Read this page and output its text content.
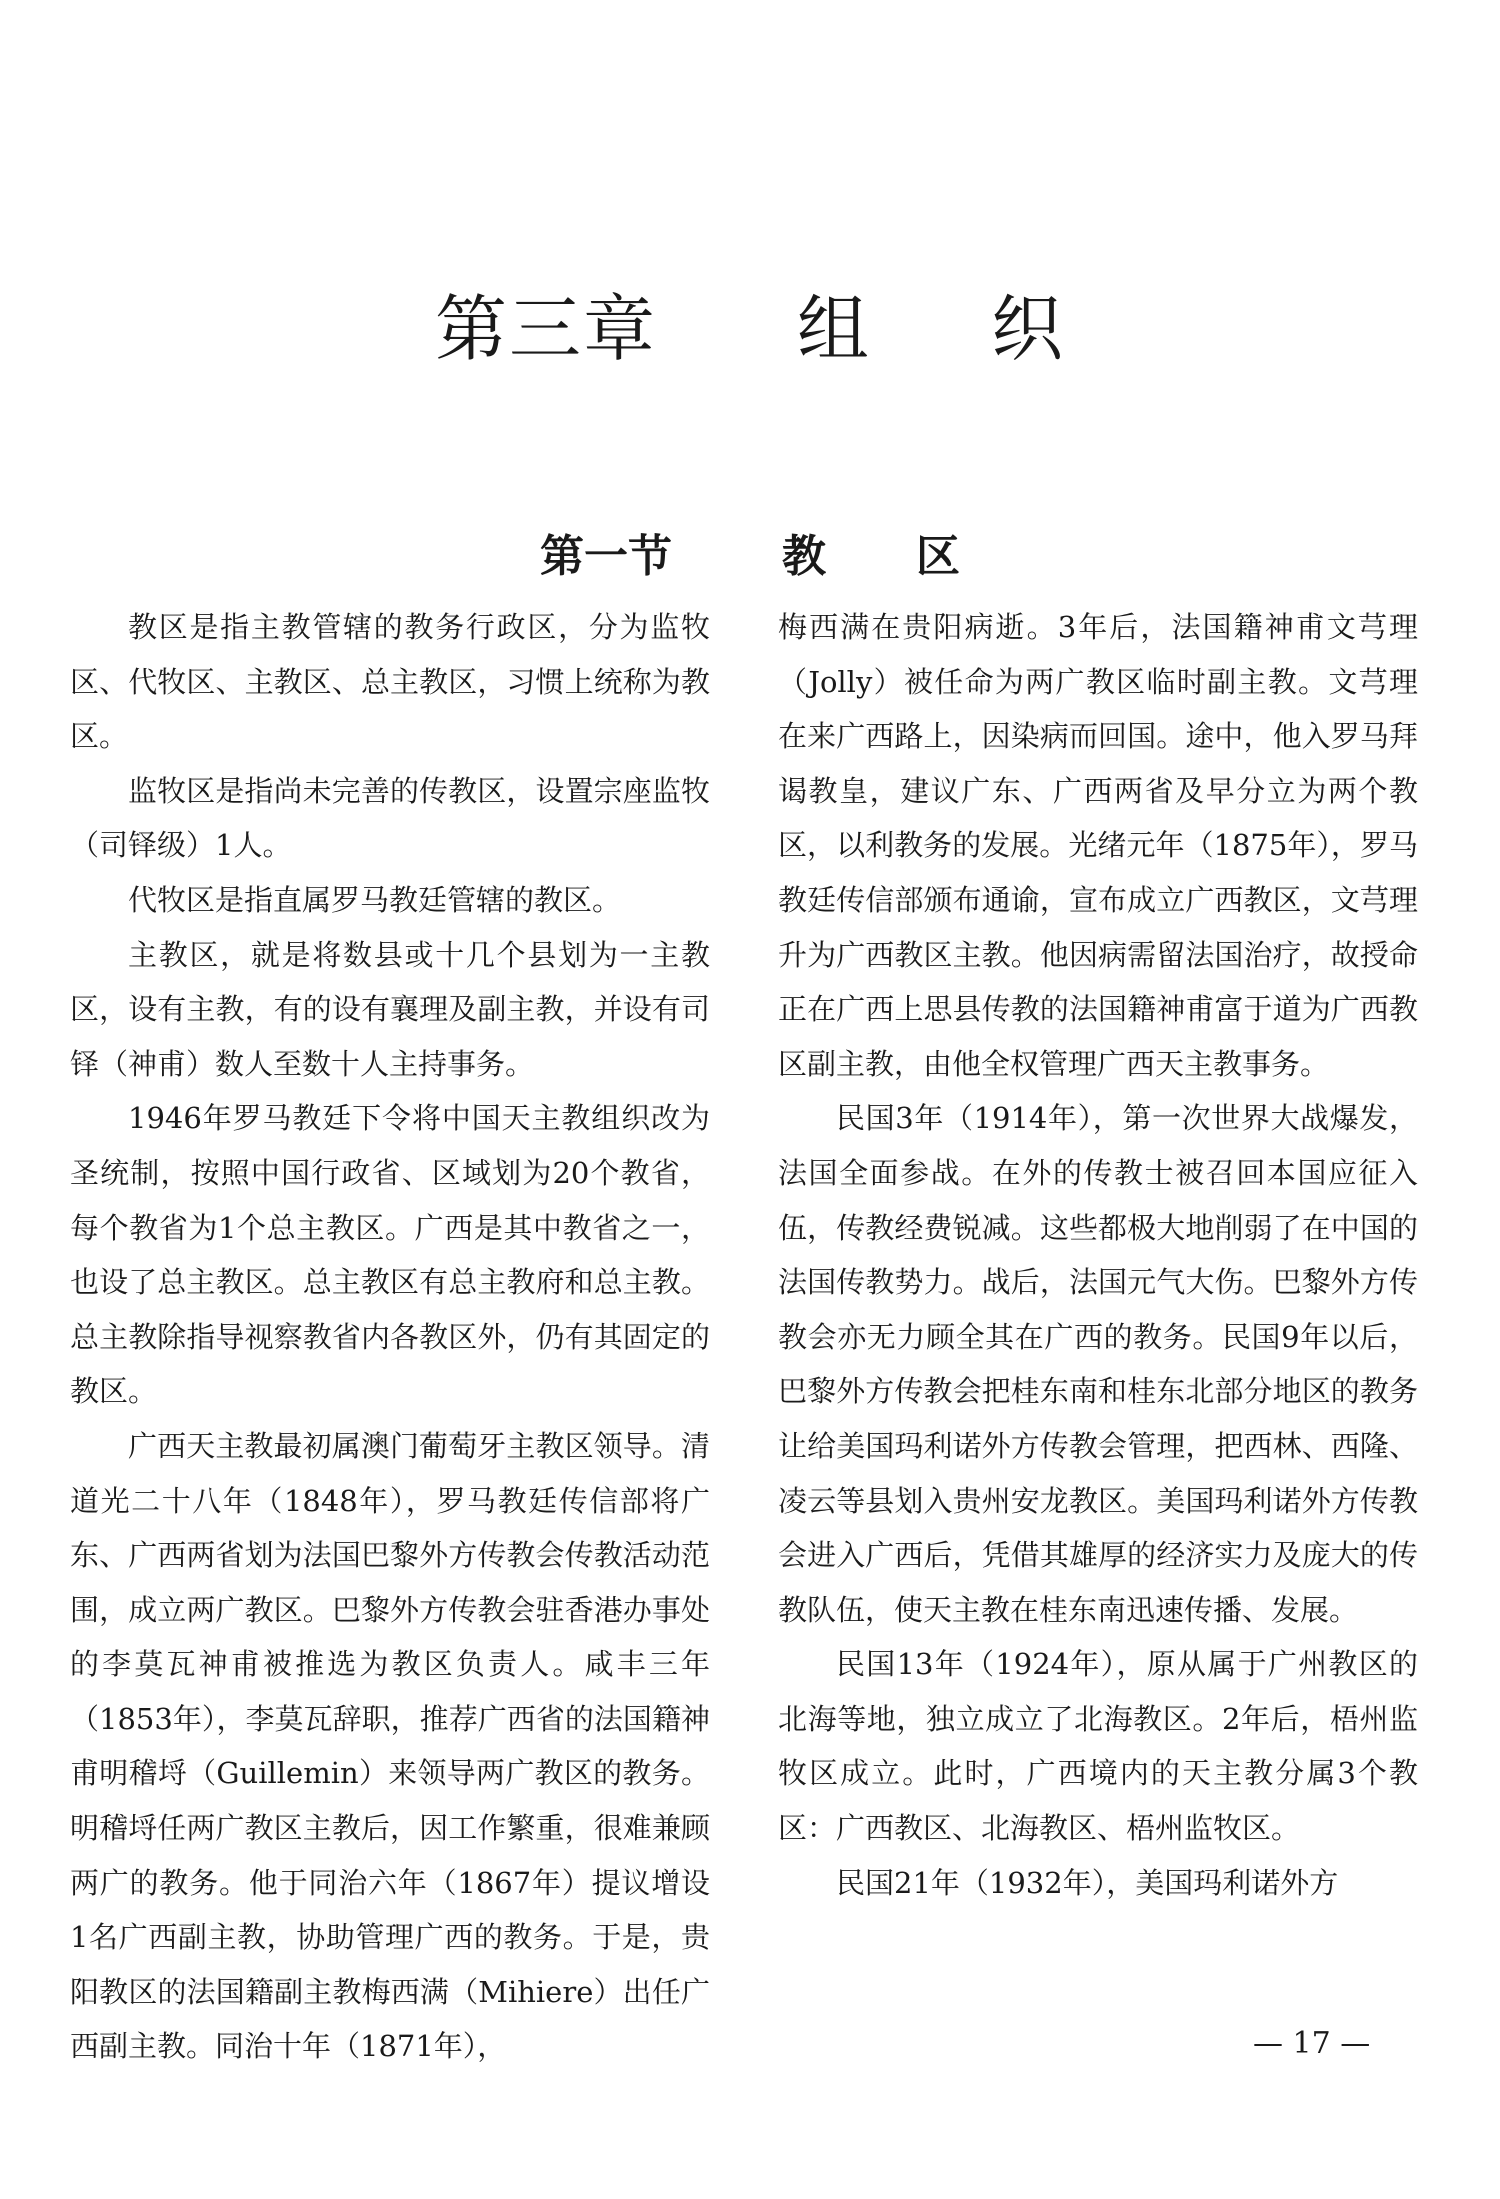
第三章 组 织
第一节	教 区

教区是指主教管辖的教务行政区，分为监牧区、代牧区、主教区、总主教区，习惯上统称为教区。

监牧区是指尚未完善的传教区，设置宗座监牧（司铎级）1人。

代牧区是指直属罗马教廷管辖的教区。

主教区，就是将数县或十几个县划为一主教区，设有主教，有的设有襄理及副主教，并设有司铎（神甫）数人至数十人主持事务。

1946年罗马教廷下令将中国天主教组织改为圣统制，按照中国行政省、区域划为20个教省，每个教省为1个总主教区。广西是其中教省之一，也设了总主教区。总主教区有总主教府和总主教。总主教除指导视察教省内各教区外，仍有其固定的教区。

广西天主教最初属澳门葡萄牙主教区领导。清道光二十八年（1848年），罗马教廷传信部将广东、广西两省划为法国巴黎外方传教会传教活动范围，成立两广教区。巴黎外方传教会驻香港办事处的李莫瓦神甫被推选为教区负责人。咸丰三年（1853年），李莫瓦辞职，推荐广西省的法国籍神甫明稽埒（Guillemin）来领导两广教区的教务。明稽埒任两广教区主教后，因工作繁重，很难兼顾两广的教务。他于同治六年（1867年）提议增设1名广西副主教，协助管理广西的教务。于是，贵阳教区的法国籍副主教梅西满（Mihiere）出任广西副主教。同治十年（1871年），

梅西满在贵阳病逝。3年后，法国籍神甫文芎理（Jolly）被任命为两广教区临时副主教。文芎理在来广西路上，因染病而回国。途中，他入罗马拜谒教皇，建议广东、广西两省及早分立为两个教区，以利教务的发展。光绪元年（1875年），罗马教廷传信部颁布通谕，宣布成立广西教区，文芎理升为广西教区主教。他因病需留法国治疗，故授命正在广西上思县传教的法国籍神甫富于道为广西教区副主教，由他全权管理广西天主教事务。

民国3年（1914年），第一次世界大战爆发，法国全面参战。在外的传教士被召回本国应征入伍，传教经费锐减。这些都极大地削弱了在中国的法国传教势力。战后，法国元气大伤。巴黎外方传教会亦无力顾全其在广西的教务。民国9年以后，巴黎外方传教会把桂东南和桂东北部分地区的教务让给美国玛利诺外方传教会管理，把西林、西隆、凌云等县划入贵州安龙教区。美国玛利诺外方传教会进入广西后，凭借其雄厚的经济实力及庞大的传教队伍，使天主教在桂东南迅速传播、发展。

民国13年（1924年），原从属于广州教区的北海等地，独立成立了北海教区。2年后，梧州监牧区成立。此时，广西境内的天主教分属3个教区：广西教区、北海教区、梧州监牧区。

民国21年（1932年），美国玛利诺外方

— 17 —
